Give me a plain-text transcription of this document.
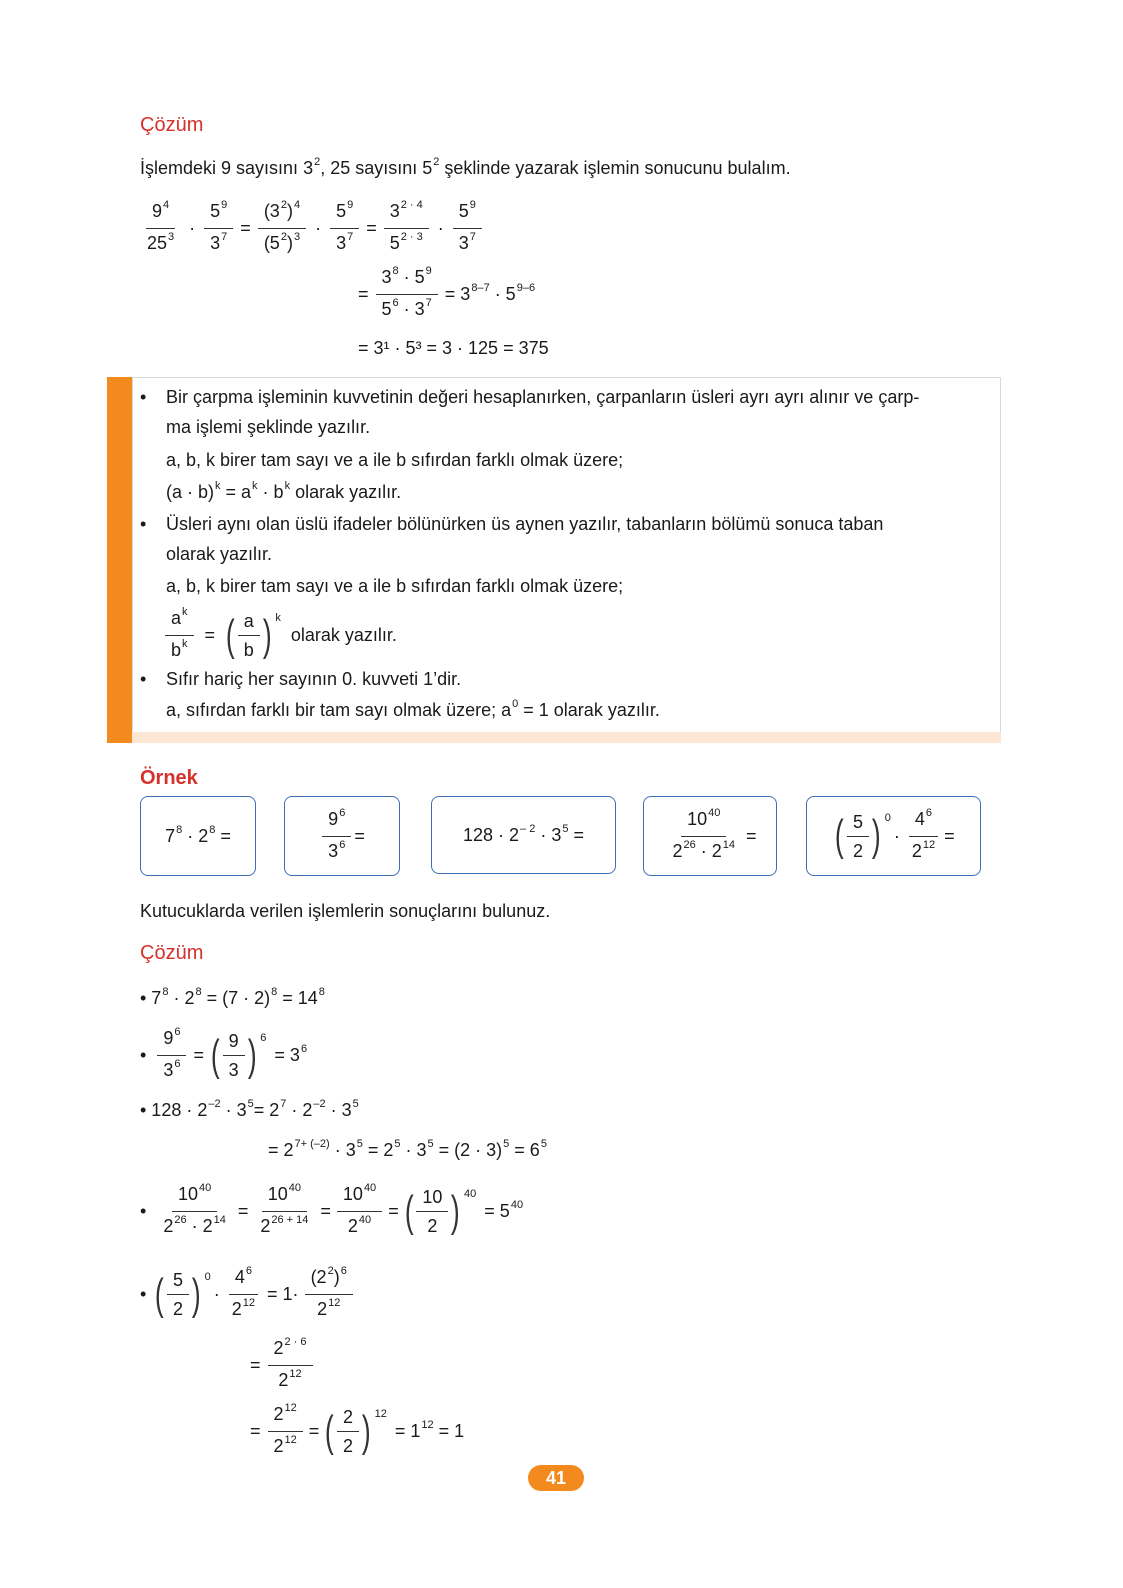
Çözüm
İşlemdeki 9 sayısını $3^2$, 25 sayısını $5^2$ şeklinde yazarak işlemin sonucunu bulalım.
$\frac{9^4}{25^3} \cdot \frac{5^9}{3^7} = \frac{(3^2)^4}{(5^2)^3} \cdot \frac{5^9}{3^7} = \frac{3^{2 \cdot 4}}{5^{2 \cdot 3}} \cdot \frac{5^9}{3^7}$
= $\frac{3^8 \cdot 5^9}{5^6 \cdot 3^7} = 3^{8-7} \cdot 5^{9-6}$
= 3¹ · 5³ = 3 · 125 = 375
• Bir çarpma işleminin kuvvetinin değeri hesaplanırken, çarpanların üsleri ayrı ayrı alınır ve çarp-
ma işlemi şeklinde yazılır.
a, b, k birer tam sayı ve a ile b sıfırdan farklı olmak üzere;
$(a \cdot b)^k = a^k \cdot b^k$ olarak yazılır.
• Üsleri aynı olan üslü ifadeler bölünürken üs aynen yazılır, tabanların bölümü sonuca taban
olarak yazılır.
a, b, k birer tam sayı ve a ile b sıfırdan farklı olmak üzere;
$\frac{a^k}{b^k}$ = ( $\frac{a}{b}$ ) $^k$
olarak yazılır.
• Sıfır hariç her sayının 0. kuvveti 1’dir.
a, sıfırdan farklı bir tam sayı olmak üzere; $a^0 = 1$ olarak yazılır.
Örnek
$7^8 \cdot 2^8$ =	$\frac{9^6}{3^6}$ =	$128 \cdot 2^{- 2} \cdot 3^5$ =	$\frac{10^{40}}{2^{26} \cdot 2^{14}}$ = ( $\frac{5}{2}$ ) $^0$
· $\frac{4^6}{2^{12}}$ =
Kutucuklarda verilen işlemlerin sonuçlarını bulunuz.
Çözüm
• $7^8 \cdot 2^8 = (7 \cdot 2)^8 = 14^8$
• $\frac{9^6}{3^6}$ = ( $\frac{9}{3}$ ) $^6$
= $3^6$
• $128 \cdot 2^{-2} \cdot 3^5= 2^7 \cdot 2^{-2} \cdot 3^5$
= $2^{7+ (-2)} \cdot 3^5 = 2^5 \cdot 3^5 = (2 \cdot 3)^5 = 6^5$
• $\frac{10^{40}}{2^{26} \cdot 2^{14}} = \frac{10^{40}}{2^{26 + 14}} = \frac{10^{40}}{2^{40}}$ = ( $\frac{10}{2}$ ) $^{40}$
= $5^{40}$
• ( $\frac{5}{2}$ ) $^0$
· $\frac{4^6}{2^{12}} = 1\cdot \frac{(2^2)^6}{2^{12}}$
= $\frac{2^{2 \cdot 6}}{2^{12}}$
= $\frac{2^{12}}{2^{12}}$ = ( $\frac{2}{2}$ ) $^{12}$
= $1^{12} = 1$
41
